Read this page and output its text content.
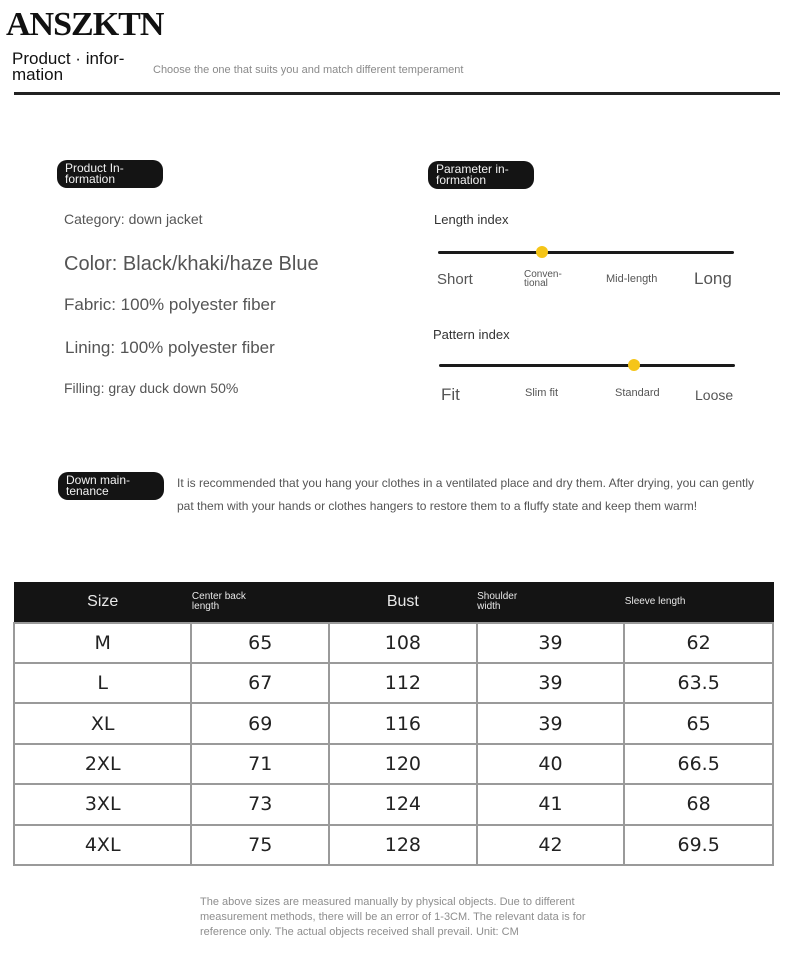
ANSZKTN
Product · infor-mation	Choose the one that suits you and match different temperament
Product In-formation
Category: down jacket
Color: Black/khaki/haze Blue
Fabric: 100% polyester fiber
Lining: 100% polyester fiber
Filling: gray duck down 50%
Parameter in-formation
Length index
Short	Conven-tional	Mid-length Long
Pattern index
Fit	Slim fit	Standard	Loose
Down main-tenance
It is recommended that you hang your clothes in a ventilated place and dry them. After drying, you can gently pat them with your hands or clothes hangers to restore them to a fluffy state and keep them warm!
Size	Center back length	Bust	Shoulder width	Sleeve length
M	65	108	39	62
L	67	112	39	63.5
XL	69	116	39	65
2XL	71	120	40	66.5
3XL	73	124	41	68
4XL	75	128	42	69.5
The above sizes are measured manually by physical objects. Due to different measurement methods, there will be an error of 1-3CM. The relevant data is for reference only. The actual objects received shall prevail. Unit: CM
